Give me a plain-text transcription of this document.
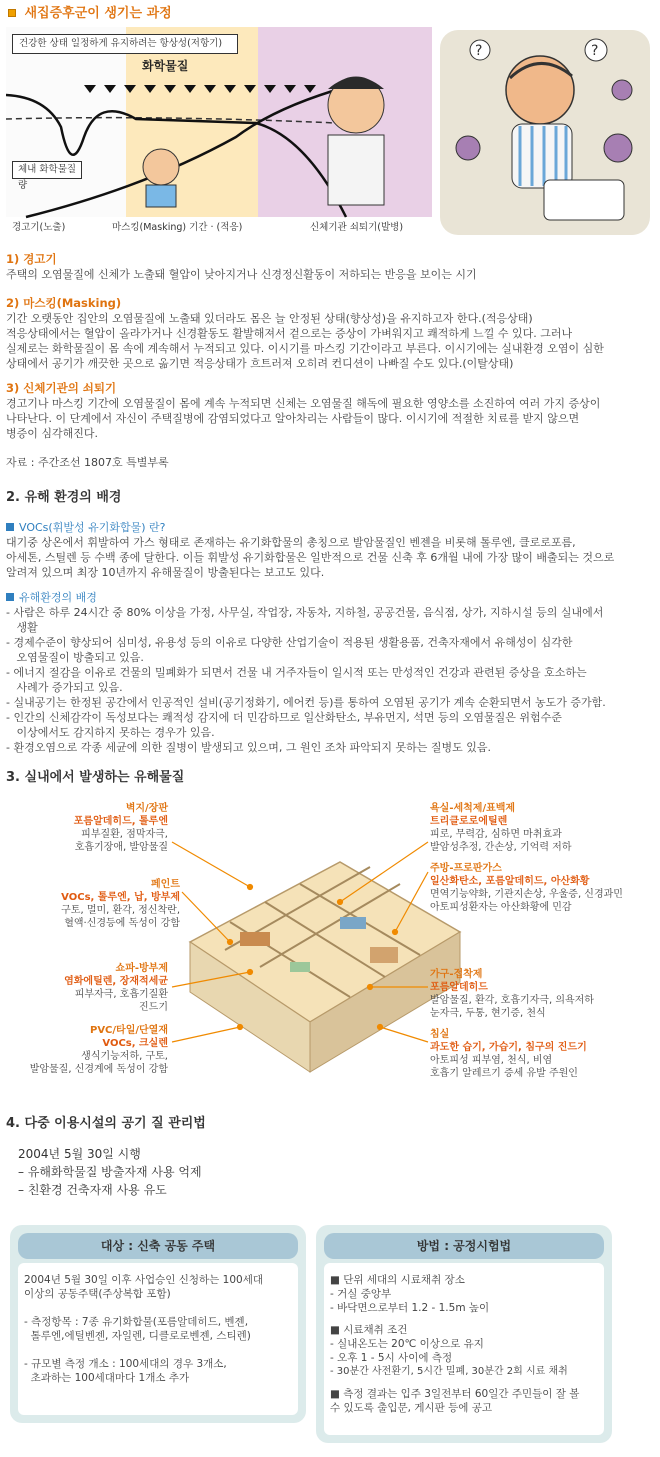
새집증후군이 생기는 과정
건강한 상태 일정하게 유지하려는 항상성(저항기)
화학물질
체내 화학물질량
경고기(노출)	마스킹(Masking) 기간 · (적응)	신체기관 쇠퇴기(발병)
?
?
1) 경고기
주택의 오염물질에 신체가 노출돼 혈압이 낮아지거나 신경정신활동이 저하되는 반응을 보이는 시기
2) 마스킹(Masking)
기간 오랫동안 집안의 오염물질에 노출돼 있더라도 몸은 늘 안정된 상태(향상성)을 유지하고자 한다.(적응상태)
적응상태에서는 혈압이 올라가거나 신경활동도 활발해져서 겉으로는 증상이 가벼워지고 쾌적하게 느낄 수 있다. 그러나
실제로는 화학물질이 몸 속에 계속해서 누적되고 있다. 이시기를 마스킹 기간이라고 부른다. 이시기에는 실내환경 오염이 심한
상태에서 공기가 깨끗한 곳으로 옮기면 적응상태가 흐트러져 오히려 컨디션이 나빠질 수도 있다.(이탈상태)
3) 신체기관의 쇠퇴기
경고기나 마스킹 기간에 오염물질이 몸에 계속 누적되면 신체는 오염물질 해독에 필요한 영양소를 소진하여 여러 가지 증상이
나타난다. 이 단계에서 자신이 주택질병에 감염되었다고 알아차리는 사람들이 많다. 이시기에 적절한 치료를 받지 않으면
병증이 심각해진다.
자료 : 주간조선 1807호 특별부록
2. 유해 환경의 배경
VOCs(휘발성 유기화합물) 란?
대기중 상온에서 휘발하여 가스 형태로 존재하는 유기화합물의 총칭으로 발암물질인 벤젠을 비롯해 톨루엔, 클로로포름,
아세톤, 스틸렌 등 수백 종에 달한다. 이들 휘발성 유기화합물은 일반적으로 건물 신축 후 6개월 내에 가장 많이 배출되는 것으로
알려져 있으며 최장 10년까지 유해물질이 방출된다는 보고도 있다.
유해환경의 배경
- 사람은 하루 24시간 중 80% 이상을 가정, 사무실, 작업장, 자동차, 지하철, 공공건물, 음식점, 상가, 지하시설 등의 실내에서
생활
- 경제수준이 향상되어 심미성, 유용성 등의 이유로 다양한 산업기술이 적용된 생활용품, 건축자재에서 유해성이 심각한
오염물질이 방출되고 있음.
- 에너지 절감을 이유로 건물의 밀폐화가 되면서 건물 내 거주자들이 일시적 또는 만성적인 건강과 관련된 증상을 호소하는
사례가 증가되고 있음.
- 실내공기는 한정된 공간에서 인공적인 설비(공기정화기, 에어컨 등)를 통하여 오염된 공기가 계속 순환되면서 농도가 증가함.
- 인간의 신체감각이 독성보다는 쾌적성 감지에 더 민감하므로 일산화탄소, 부유먼지, 석면 등의 오염물질은 위험수준
이상에서도 감지하지 못하는 경우가 있음.
- 환경오염으로 각종 세균에 의한 질병이 발생되고 있으며, 그 원인 조차 파악되지 못하는 질병도 있음.
3. 실내에서 발생하는 유해물질
벽지/장판
포름알데히드, 톨루엔
피부질환, 점막자극,
호흡기장애, 발암물질
페인트
VOCs, 톨루엔, 납, 방부제
구토, 멀미, 환각, 정신착란,
혈액·신경등에 독성이 강함
쇼파-방부제
염화에틸렌, 장재적세균
피부자극, 호흡기질환
진드기
PVC/타일/단열재
VOCs, 크실렌
생식기능저하, 구토,
발암물질, 신경계에 독성이 강함
욕실-세척제/표백제
트리클로로에틸렌
피로, 무력감, 심하면 마취효과
발암성추정, 간손상, 기억력 저하
주방-프로판가스
일산화탄소, 포름알데히드, 아산화황
면역기능약화, 기관지손상, 우울증, 신경과민
아토피성환자는 아산화황에 민감
가구-접착제
포름알데히드
발암물질, 환각, 호흡기자극, 의욕저하
눈자극, 두통, 현기증, 천식
침실
과도한 습기, 가습기, 침구의 진드기
아토피성 피부염, 천식, 비염
호흡기 알레르기 증세 유발 주원인
4. 다중 이용시설의 공기 질 관리법
2004년 5월 30일 시행
– 유해화학물질 방출자재 사용 억제
– 친환경 건축자재 사용 유도
대상 : 신축 공동 주택
2004년 5월 30일 이후 사업승인 신청하는 100세대
이상의 공동주택(주상복합 포함)
- 측정항목 : 7종 유기화합물(포름알데히드, 벤젠,
톨루엔,에틸벤젠, 자일렌, 디클로로벤젠, 스티렌)
- 규모별 측정 개소 : 100세대의 경우 3개소,
초과하는 100세대마다 1개소 추가
방법 : 공정시험법
■ 단위 세대의 시료채취 장소
- 거실 중앙부
- 바닥면으로부터 1.2 - 1.5m 높이
■ 시료채취 조건
- 실내온도는 20℃ 이상으로 유지
- 오후 1 - 5시 사이에 측정
- 30분간 사전환기, 5시간 밀폐, 30분간 2회 시료 채취
■ 측정 결과는 입주 3일전부터 60일간 주민들이 잘 볼
수 있도록 출입문, 게시판 등에 공고
